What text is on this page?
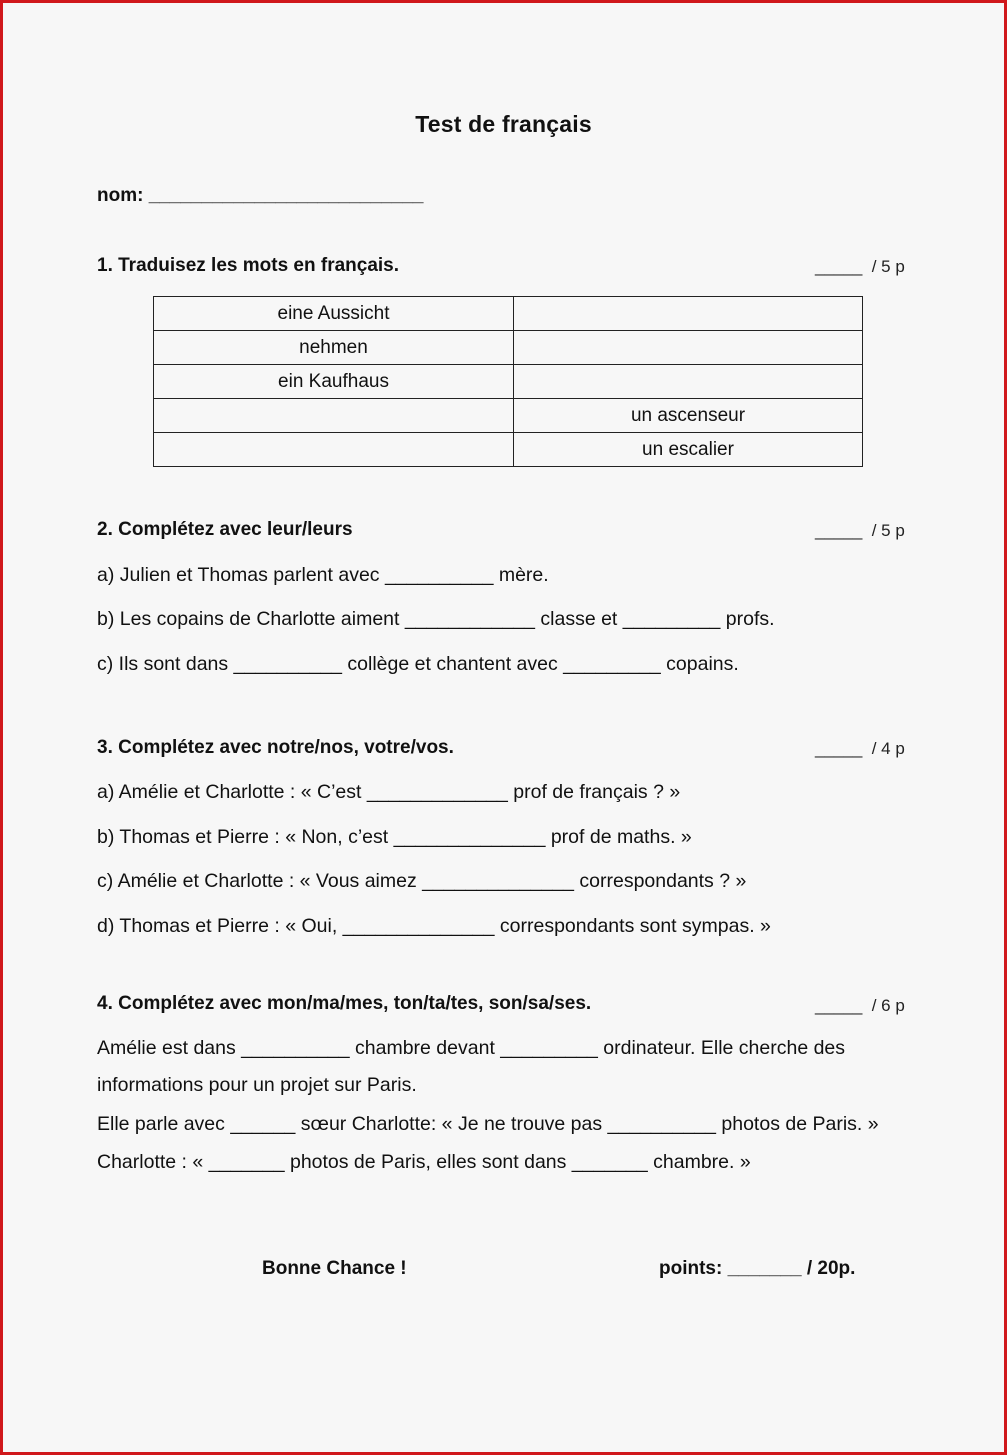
Test de français
nom: __________________________
1. Traduisez les mots en français.	_____  / 5 p
eine Aussicht	
nehmen	
ein Kaufhaus	
	un ascenseur
	un escalier
2. Complétez avec leur/leurs	_____  / 5 p
a) Julien et Thomas parlent avec __________ mère.
b) Les copains de Charlotte aiment ____________ classe et _________ profs.
c) Ils sont dans __________ collège et chantent avec _________ copains.
3. Complétez avec notre/nos, votre/vos.	_____  / 4 p
a) Amélie et Charlotte : « C’est _____________ prof de français ? »
b) Thomas et Pierre : « Non, c’est ______________ prof de maths. »
c) Amélie et Charlotte : « Vous aimez ______________ correspondants ? »
d) Thomas et Pierre : « Oui, ______________ correspondants sont sympas. »
4. Complétez avec mon/ma/mes, ton/ta/tes, son/sa/ses.	_____  / 6 p
Amélie est dans __________ chambre devant _________ ordinateur. Elle cherche des
informations pour un projet sur Paris.
Elle parle avec ______ sœur Charlotte: « Je ne trouve pas __________ photos de Paris. »
Charlotte : « _______ photos de Paris, elles sont dans _______ chambre. »
Bonne Chance !	points: _______ / 20p.
